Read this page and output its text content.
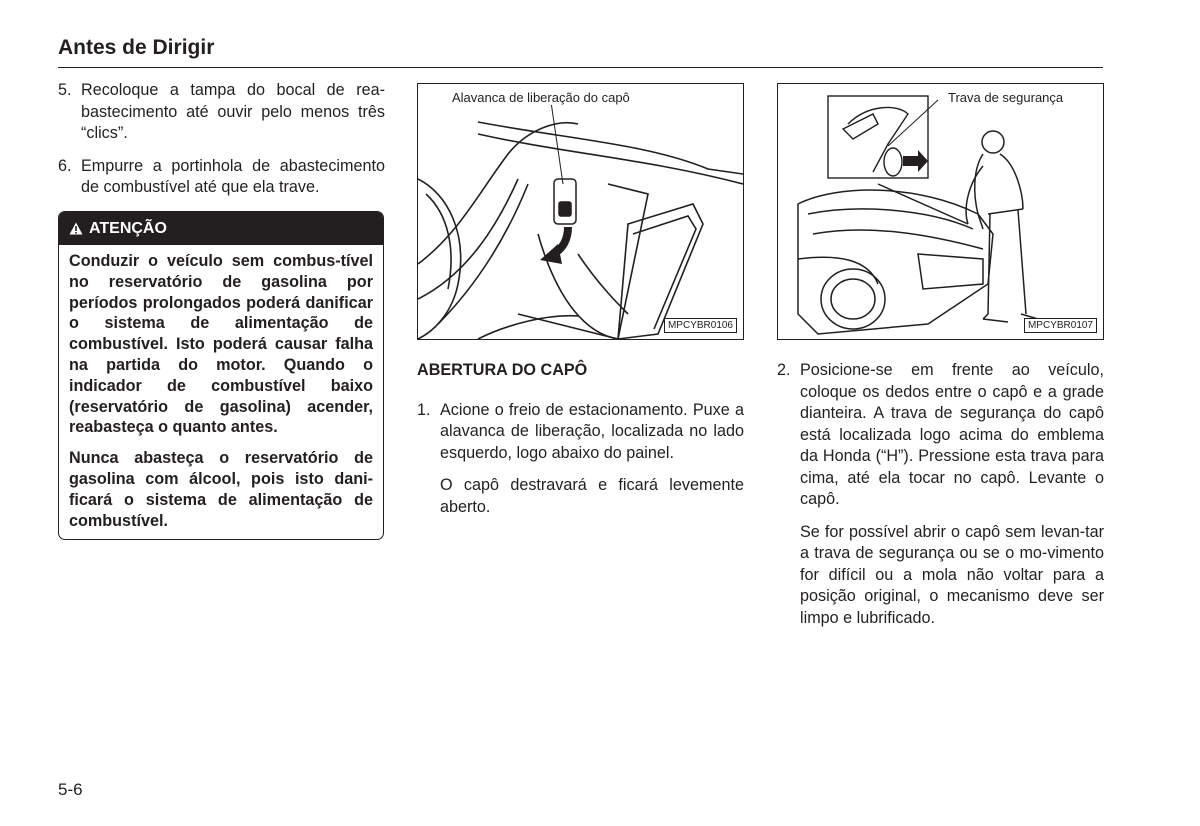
Antes de Dirigir
5. Recoloque a tampa do bocal de rea-bastecimento até ouvir pelo menos três “clics”.
6. Empurre a portinhola de abastecimento de combustível até que ela trave.
ATENÇÃO

Conduzir o veículo sem combus-tível no reservatório de gasolina por períodos prolongados poderá danificar o sistema de alimentação de combustível. Isto poderá causar falha na partida do motor. Quando o indicador de combustível baixo (reservatório de gasolina) acender, reabasteça o quanto antes.

Nunca abasteça o reservatório de gasolina com álcool, pois isto dani-ficará o sistema de alimentação de combustível.

Alavanca de liberação do capô
MPCYBR0106
Trava de segurança
MPCYBR0107
ABERTURA DO CAPÔ
1. Acione o freio de estacionamento. Puxe a alavanca de liberação, localizada no lado esquerdo, logo abaixo do painel.
O capô destravará e ficará levemente aberto.
2. Posicione-se em frente ao veículo, coloque os dedos entre o capô e a grade dianteira. A trava de segurança do capô está localizada logo acima do emblema da Honda (“H”). Pressione esta trava para cima, até ela tocar no capô. Levante o capô.
Se for possível abrir o capô sem levan-tar a trava de segurança ou se o mo-vimento for difícil ou a mola não voltar para a posição original, o mecanismo deve ser limpo e lubrificado.
5-6
